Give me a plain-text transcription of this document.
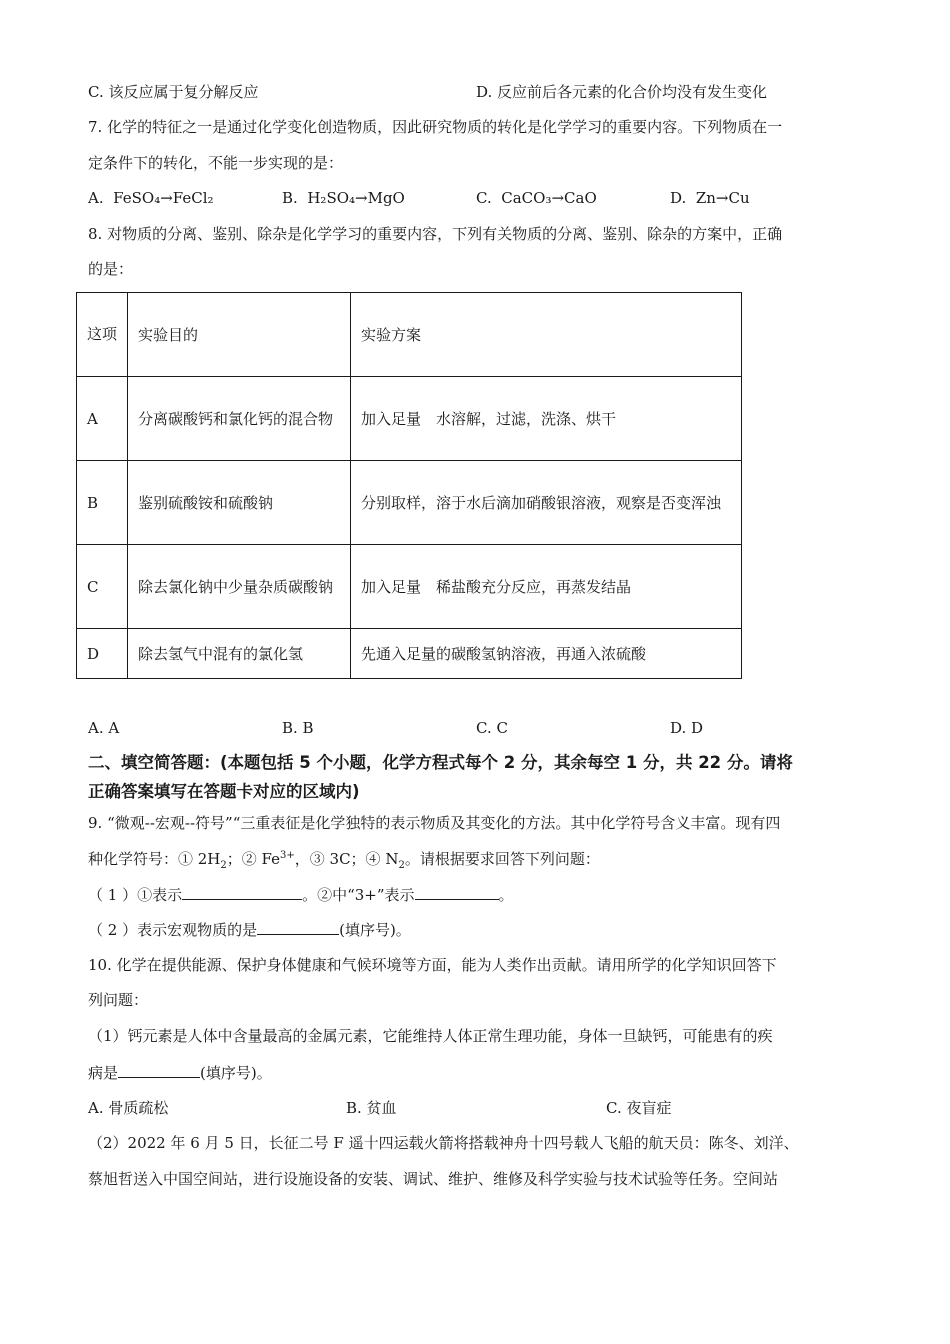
C. 该反应属于复分解反应	D. 反应前后各元素的化合价均没有发生变化
7. 化学的特征之一是通过化学变化创造物质，因此研究物质的转化是化学学习的重要内容。下列物质在一
定条件下的转化，不能一步实现的是：
A. FeSO₄→FeCl₂	B. H₂SO₄→MgO	C. CaCO₃→CaO	D. Zn→Cu
8. 对物质的分离、鉴别、除杂是化学学习的重要内容，下列有关物质的分离、鉴别、除杂的方案中，正确
的是：
这项	实验目的	实验方案
A	分离碳酸钙和氯化钙的混合物	加入足量　水溶解，过滤，洗涤、烘干
B	鉴别硫酸铵和硫酸钠	分别取样，溶于水后滴加硝酸银溶液，观察是否变浑浊
C	除去氯化钠中少量杂质碳酸钠	加入足量　稀盐酸充分反应，再蒸发结晶
D	除去氢气中混有的氯化氢	先通入足量的碳酸氢钠溶液，再通入浓硫酸
A. A	B. B	C. C	D. D
二、填空简答题：(本题包括 5 个小题，化学方程式每个 2 分，其余每空 1 分，共 22 分。请将
正确答案填写在答题卡对应的区域内)
9. “微观--宏观--符号”“三重表征是化学独特的表示物质及其变化的方法。其中化学符号含义丰富。现有四
种化学符号：① $2H_2$；② $Fe^{3+}$，③ 3C；④ $N_2$。请根据要求回答下列问题：
（ 1 ）①表示	。②中“3+”表示	。
（ 2 ）表示宏观物质的是	(填序号)。
10. 化学在提供能源、保护身体健康和气候环境等方面，能为人类作出贡献。请用所学的化学知识回答下
列问题：
（1）钙元素是人体中含量最高的金属元素，它能维持人体正常生理功能，身体一旦缺钙，可能患有的疾
病是	(填序号)。
A. 骨质疏松	B. 贫血	C. 夜盲症
（2）2022 年 6 月 5 日，长征二号 F 遥十四运载火箭将搭载神舟十四号载人飞船的航天员：陈冬、刘洋、
蔡旭哲送入中国空间站，进行设施设备的安装、调试、维护、维修及科学实验与技术试验等任务。空间站
